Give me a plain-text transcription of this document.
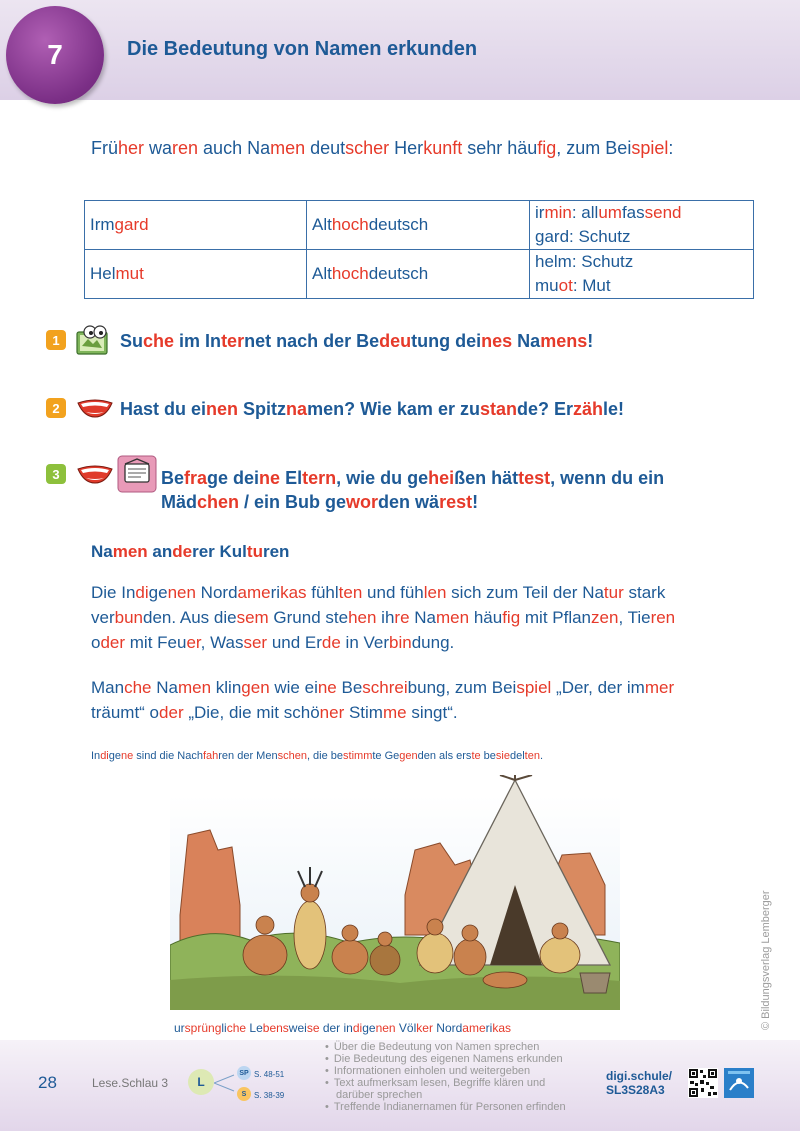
7	Die Bedeutung von Namen erkunden
Früher waren auch Namen deutscher Herkunft sehr häufig, zum Beispiel:
Irmgard	Althochdeutsch	irmin: allumfassend
gard: Schutz

Helmut	Althochdeutsch	helm: Schutz
muot: Mut
1	Suche im Internet nach der Bedeutung deines Namens!
2	Hast du einen Spitznamen? Wie kam er zustande? Erzähle!
3	Befrage deine Eltern, wie du geheißen hättest, wenn du ein
Mädchen / ein Bub geworden wärest!
Namen anderer Kulturen
Die Indigenen Nordamerikas fühlten und fühlen sich zum Teil der Natur stark
verbunden. Aus diesem Grund stehen ihre Namen häufig mit Pflanzen, Tieren
oder mit Feuer, Wasser und Erde in Verbindung.
Manche Namen klingen wie eine Beschreibung, zum Beispiel „Der, der immer
träumt“ oder „Die, die mit schöner Stimme singt“.
Indigene sind die Nachfahren der Menschen, die bestimmte Gegenden als erste besiedelten.
ursprüngliche Lebensweise der indigenen Völker Nordamerikas	© Bildungsverlag Lemberger
28	Lese.Schlau 3	L
SP S. 48-51
S S. 38-39
• Über die Bedeutung von Namen sprechen
• Die Bedeutung des eigenen Namens erkunden
• Informationen einholen und weitergeben
• Text aufmerksam lesen, Begriffe klären und
darüber sprechen
• Treffende Indianernamen für Personen erfinden
digi.schule/
SL3S28A3
